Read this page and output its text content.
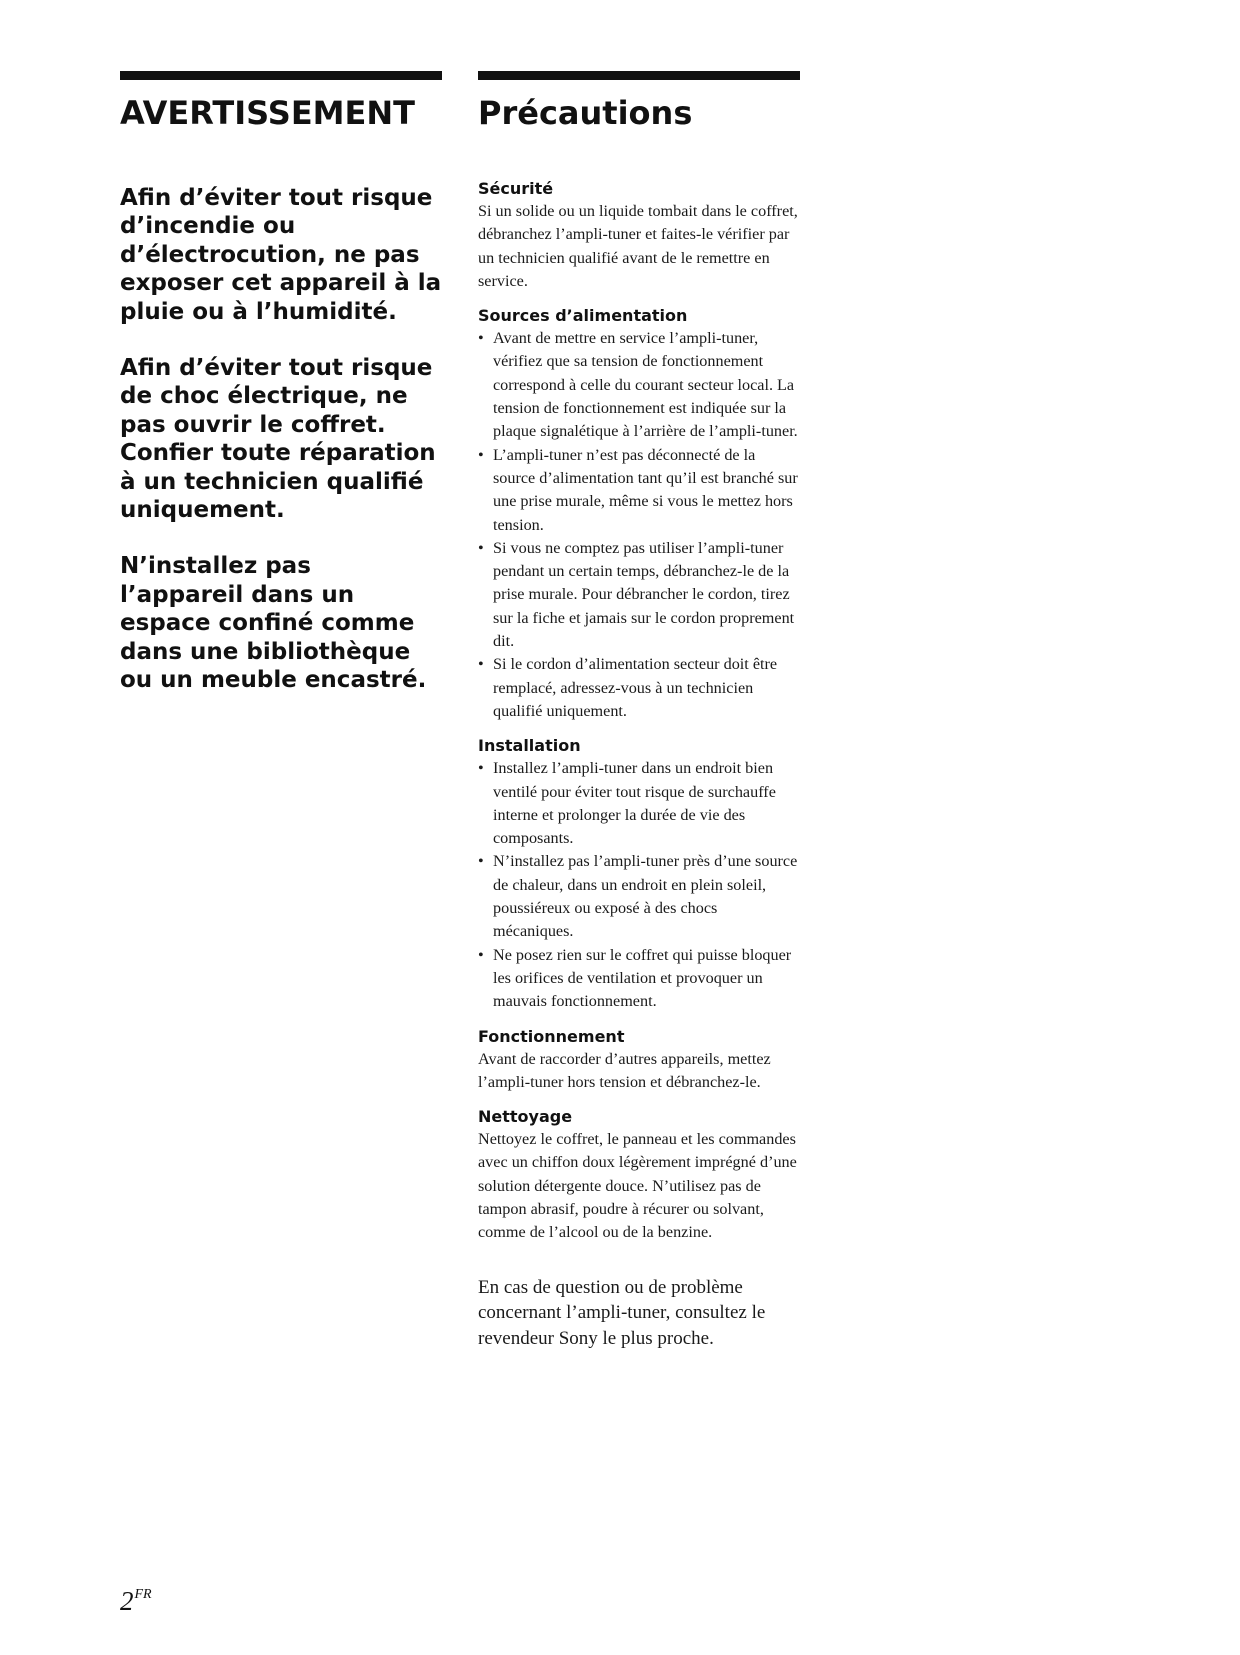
AVERTISSEMENT

Afin d’éviter tout risque d’incendie ou d’électrocution, ne pas exposer cet appareil à la pluie ou à l’humidité.

Afin d’éviter tout risque de choc électrique, ne pas ouvrir le coffret. Confier toute réparation à un technicien qualifié uniquement.

N’installez pas l’appareil dans un espace confiné comme dans une bibliothèque ou un meuble encastré.

Précautions
Sécurité

Si un solide ou un liquide tombait dans le coffret, débranchez l’ampli-tuner et faites-le vérifier par un technicien qualifié avant de le remettre en service.

Sources d’alimentation
• Avant de mettre en service l’ampli-tuner, vérifiez que sa tension de fonctionnement correspond à celle du courant secteur local. La tension de fonctionnement est indiquée sur la plaque signalétique à l’arrière de l’ampli-tuner.
• L’ampli-tuner n’est pas déconnecté de la source d’alimentation tant qu’il est branché sur une prise murale, même si vous le mettez hors tension.
• Si vous ne comptez pas utiliser l’ampli-tuner pendant un certain temps, débranchez-le de la prise murale. Pour débrancher le cordon, tirez sur la fiche et jamais sur le cordon proprement dit.
• Si le cordon d’alimentation secteur doit être remplacé, adressez-vous à un technicien qualifié uniquement.
Installation
• Installez l’ampli-tuner dans un endroit bien ventilé pour éviter tout risque de surchauffe interne et prolonger la durée de vie des composants.
• N’installez pas l’ampli-tuner près d’une source de chaleur, dans un endroit en plein soleil, poussiéreux ou exposé à des chocs mécaniques.
• Ne posez rien sur le coffret qui puisse bloquer les orifices de ventilation et provoquer un mauvais fonctionnement.
Fonctionnement

Avant de raccorder d’autres appareils, mettez l’ampli-tuner hors tension et débranchez-le.

Nettoyage

Nettoyez le coffret, le panneau et les commandes avec un chiffon doux légèrement imprégné d’une solution détergente douce. N’utilisez pas de tampon abrasif, poudre à récurer ou solvant, comme de l’alcool ou de la benzine.

En cas de question ou de problème concernant l’ampli-tuner, consultez le revendeur Sony le plus proche.

$2^{FR}$
